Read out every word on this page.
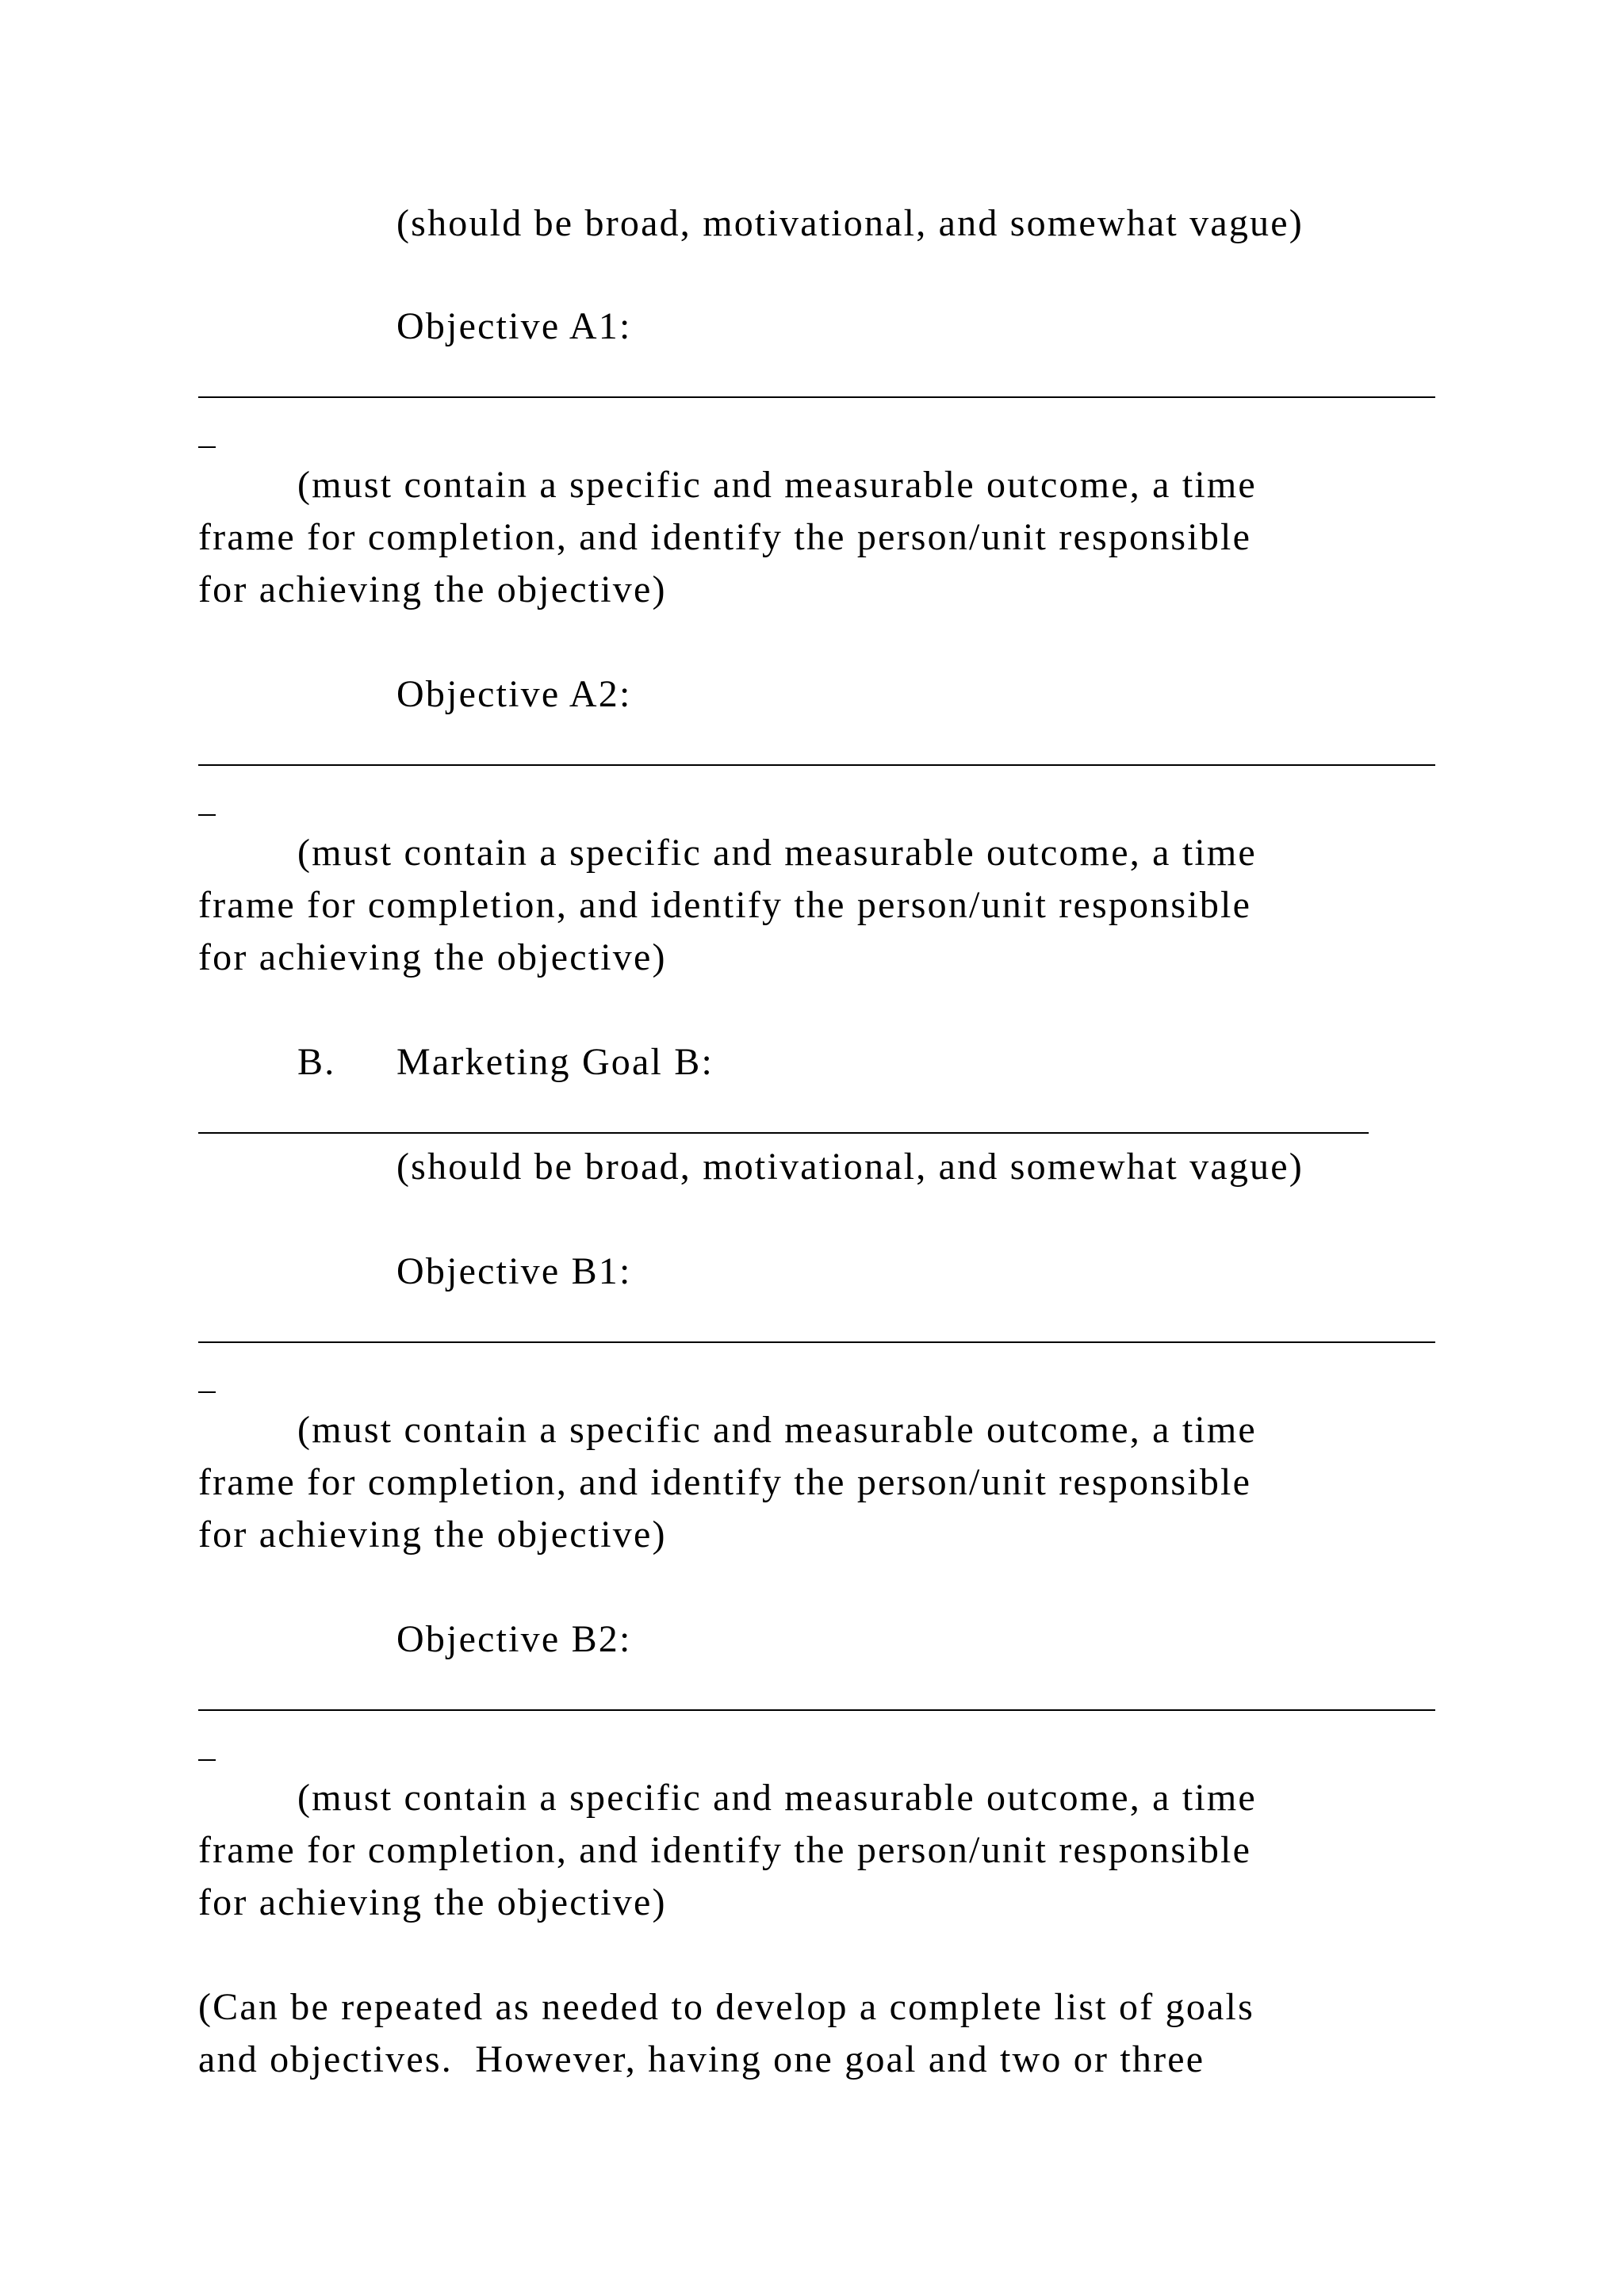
(should be broad, motivational, and somewhat vague)

Objective A1:

(must contain a specific and measurable outcome, a time

frame for completion, and identify the person/unit responsible

for achieving the objective)

Objective A2:

(must contain a specific and measurable outcome, a time

frame for completion, and identify the person/unit responsible

for achieving the objective)

B. Marketing Goal B:

(should be broad, motivational, and somewhat vague)

Objective B1:

(must contain a specific and measurable outcome, a time

frame for completion, and identify the person/unit responsible

for achieving the objective)

Objective B2:

(must contain a specific and measurable outcome, a time

frame for completion, and identify the person/unit responsible

for achieving the objective)

(Can be repeated as needed to develop a complete list of goals

and objectives.  However, having one goal and two or three
